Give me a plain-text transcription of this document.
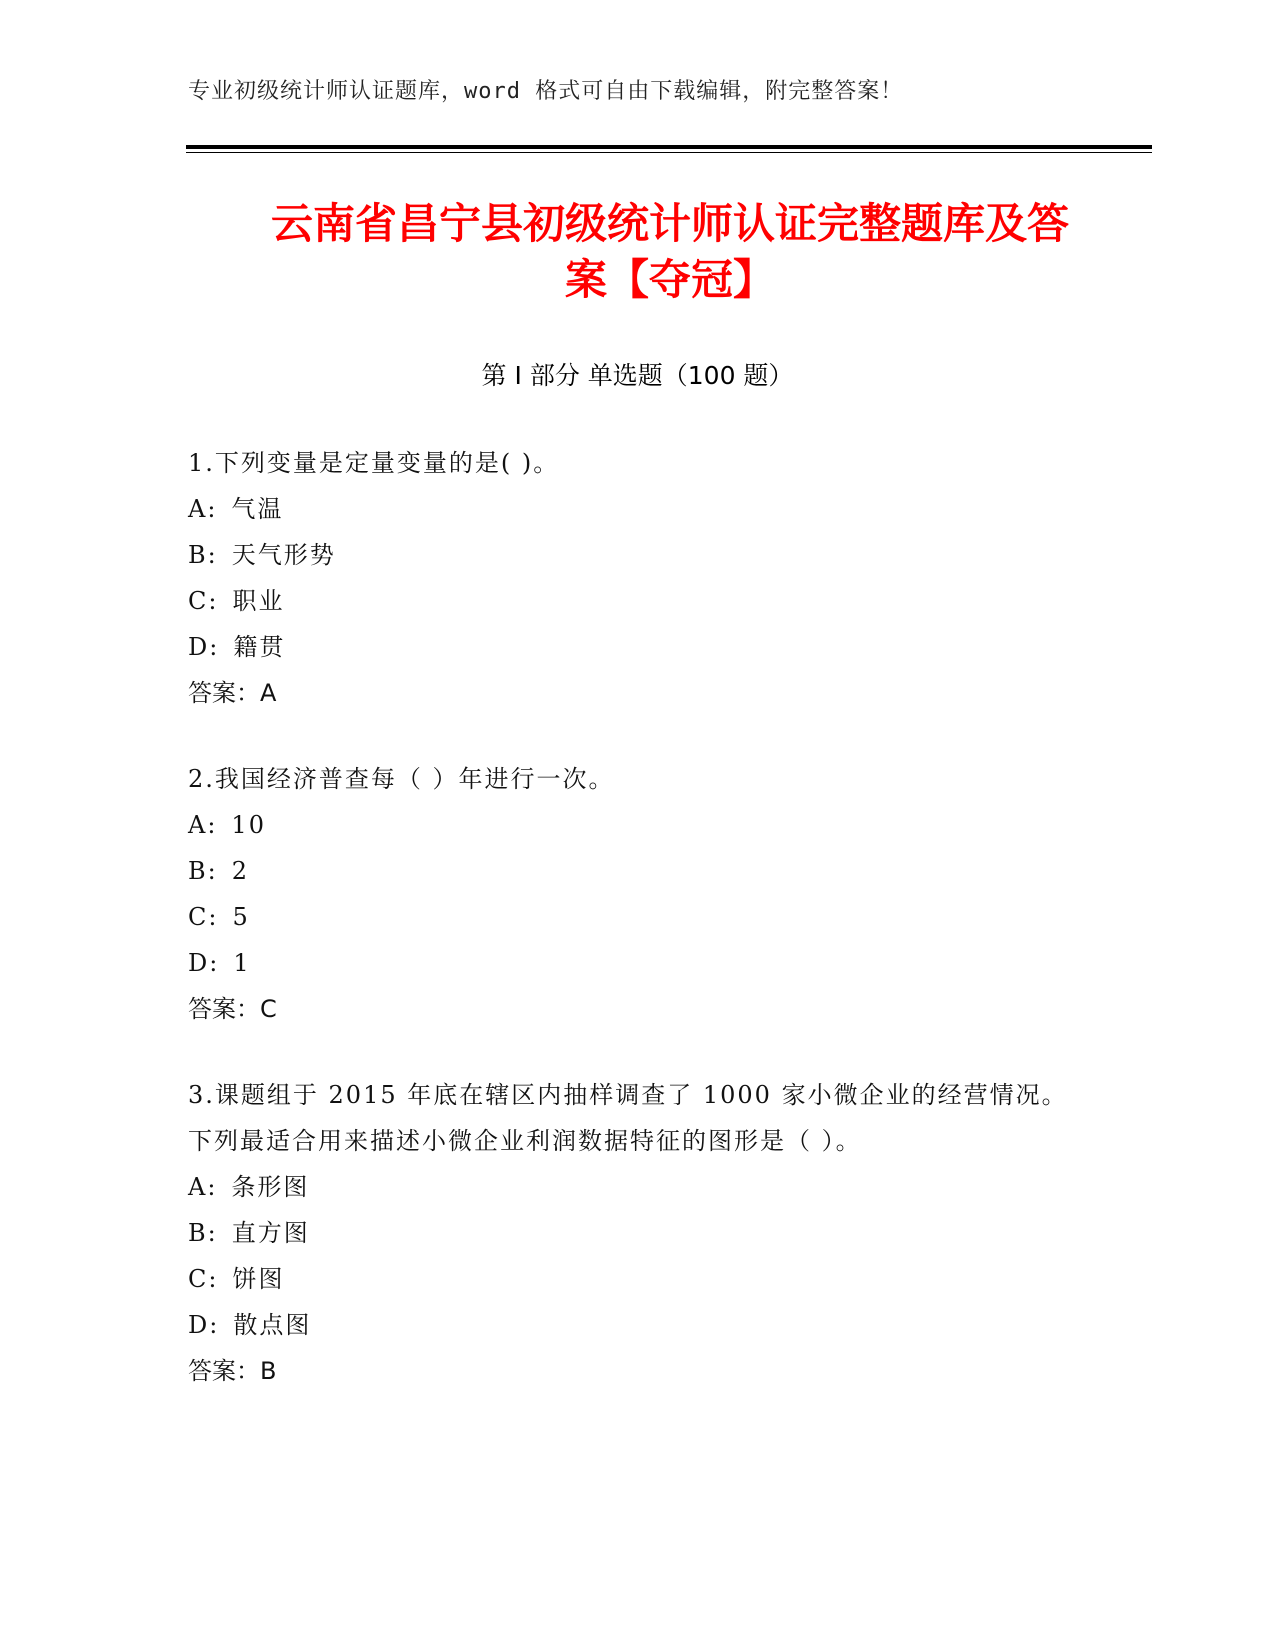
专业初级统计师认证题库，word 格式可自由下载编辑，附完整答案！
云南省昌宁县初级统计师认证完整题库及答
案【夺冠】
第 I 部分 单选题（100 题）
1.下列变量是定量变量的是( )。
A: 气温
B: 天气形势
C: 职业
D: 籍贯
答案：A
2.我国经济普查每（ ）年进行一次。
A: 10
B: 2
C: 5
D: 1
答案：C
3.课题组于 2015 年底在辖区内抽样调查了 1000 家小微企业的经营情况。下列最适合用来描述小微企业利润数据特征的图形是（ ）。
A: 条形图
B: 直方图
C: 饼图
D: 散点图
答案：B
